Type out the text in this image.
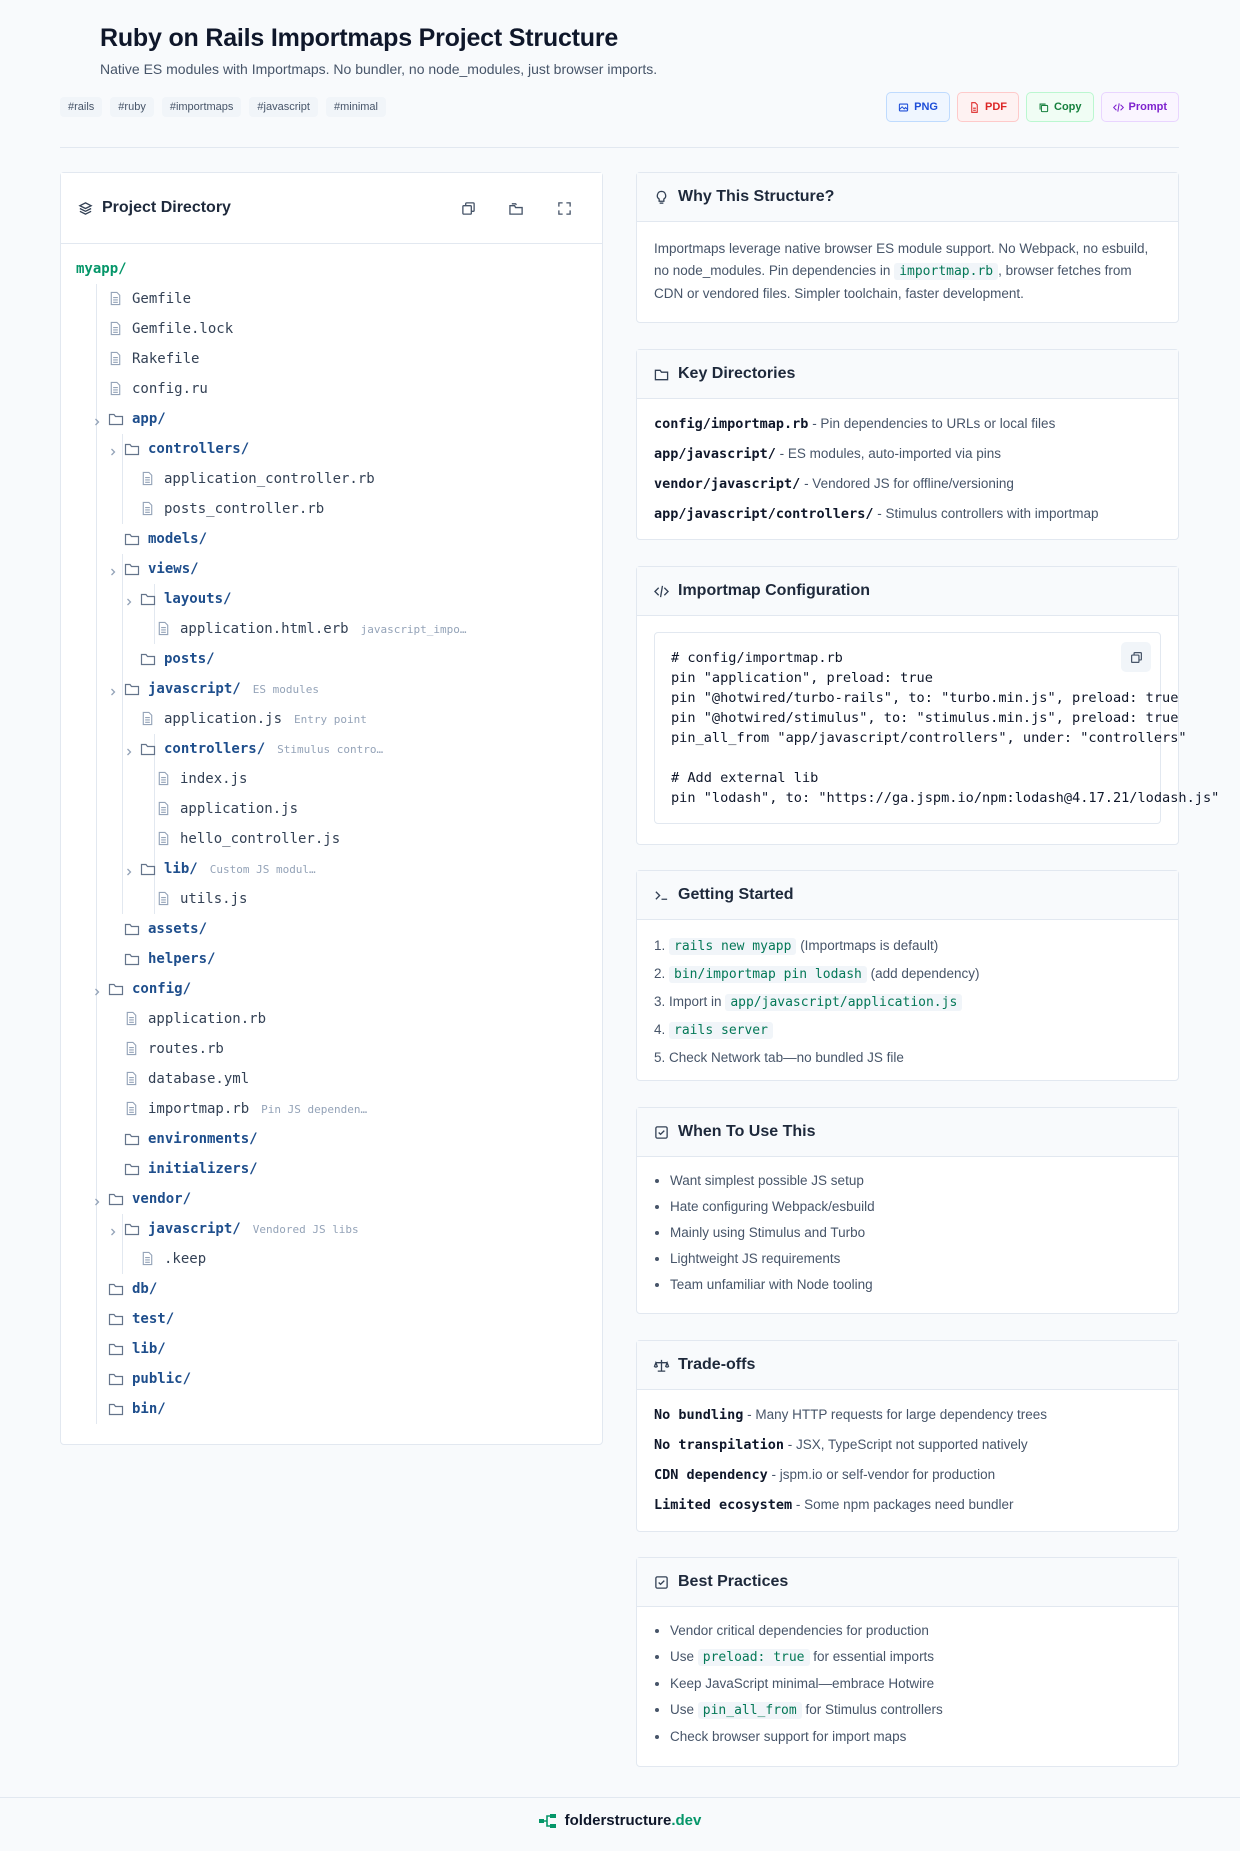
Ruby on Rails Importmaps Project Structure
Native ES modules with Importmaps. No bundler, no node_modules, just browser imports.
#rails	#ruby	#importmaps	#javascript	#minimal	PNG	PDF	Copy	Prompt
Project Directory
myapp/
Gemfile
Gemfile.lock
Rakefile
config.ru
app/
controllers/
application_controller.rb
posts_controller.rb
models/
views/
layouts/
application.html.erb javascript_impo…
posts/
javascript/ ES modules
application.js Entry point
controllers/ Stimulus contro…
index.js
application.js
hello_controller.js
lib/ Custom JS modul…
utils.js
assets/
helpers/
config/
application.rb
routes.rb
database.yml
importmap.rb Pin JS dependen…
environments/
initializers/
vendor/
javascript/ Vendored JS libs
.keep
db/
test/
lib/
public/
bin/
Why This Structure?

Importmaps leverage native browser ES module support. No Webpack, no esbuild, no node_modules. Pin dependencies in importmap.rb , browser fetches from CDN or vendored files. Simpler toolchain, faster development.

Key Directories
config/importmap.rb - Pin dependencies to URLs or local files
app/javascript/ - ES modules, auto-imported via pins
vendor/javascript/ - Vendored JS for offline/versioning
app/javascript/controllers/ - Stimulus controllers with importmap
Importmap Configuration
# config/importmap.rb
pin "application", preload: true
pin "@hotwired/turbo-rails", to: "turbo.min.js", preload: true
pin "@hotwired/stimulus", to: "stimulus.min.js", preload: true
pin_all_from "app/javascript/controllers", under: "controllers"

# Add external lib
pin "lodash", to: "https://ga.jspm.io/npm:lodash@4.17.21/lodash.js"
Getting Started
1. rails new myapp (Importmaps is default)
2. bin/importmap pin lodash (add dependency)
3. Import in app/javascript/application.js
4. rails server
5. Check Network tab—no bundled JS file
When To Use This
• Want simplest possible JS setup
• Hate configuring Webpack/esbuild
• Mainly using Stimulus and Turbo
• Lightweight JS requirements
• Team unfamiliar with Node tooling
Trade-offs
No bundling - Many HTTP requests for large dependency trees
No transpilation - JSX, TypeScript not supported natively
CDN dependency - jspm.io or self-vendor for production
Limited ecosystem - Some npm packages need bundler
Best Practices
• Vendor critical dependencies for production
• Use preload: true for essential imports
• Keep JavaScript minimal—embrace Hotwire
• Use pin_all_from for Stimulus controllers
• Check browser support for import maps
folderstructure.dev
